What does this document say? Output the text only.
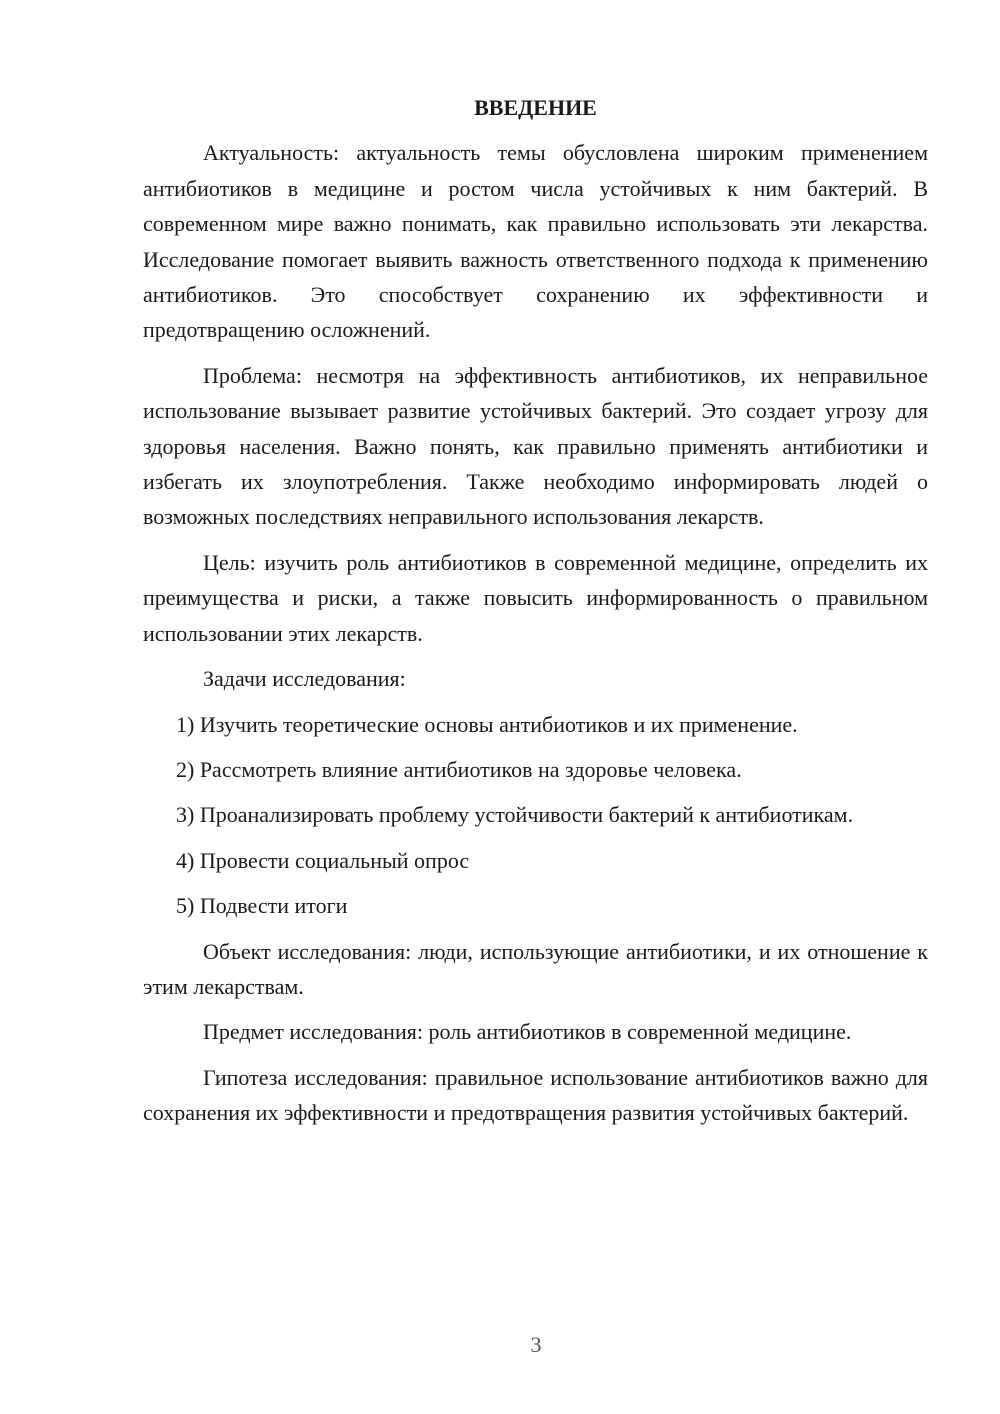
ВВЕДЕНИЕ

Актуальность: актуальность темы обусловлена широким применением антибиотиков в медицине и ростом числа устойчивых к ним бактерий. В современном мире важно понимать, как правильно использовать эти лекарства. Исследование помогает выявить важность ответственного подхода к применению антибиотиков. Это способствует сохранению их эффективности и предотвращению осложнений.

Проблема: несмотря на эффективность антибиотиков, их неправильное использование вызывает развитие устойчивых бактерий. Это создает угрозу для здоровья населения. Важно понять, как правильно применять антибиотики и избегать их злоупотребления. Также необходимо информировать людей о возможных последствиях неправильного использования лекарств.

Цель: изучить роль антибиотиков в современной медицине, определить их преимущества и риски, а также повысить информированность о правильном использовании этих лекарств.

Задачи исследования:

1) Изучить теоретические основы антибиотиков и их применение.

2) Рассмотреть влияние антибиотиков на здоровье человека.

3) Проанализировать проблему устойчивости бактерий к антибиотикам.

4) Провести социальный опрос

5) Подвести итоги

Объект исследования: люди, использующие антибиотики, и их отношение к этим лекарствам.

Предмет исследования: роль антибиотиков в современной медицине.

Гипотеза исследования: правильное использование антибиотиков важно для сохранения их эффективности и предотвращения развития устойчивых бактерий.

3
